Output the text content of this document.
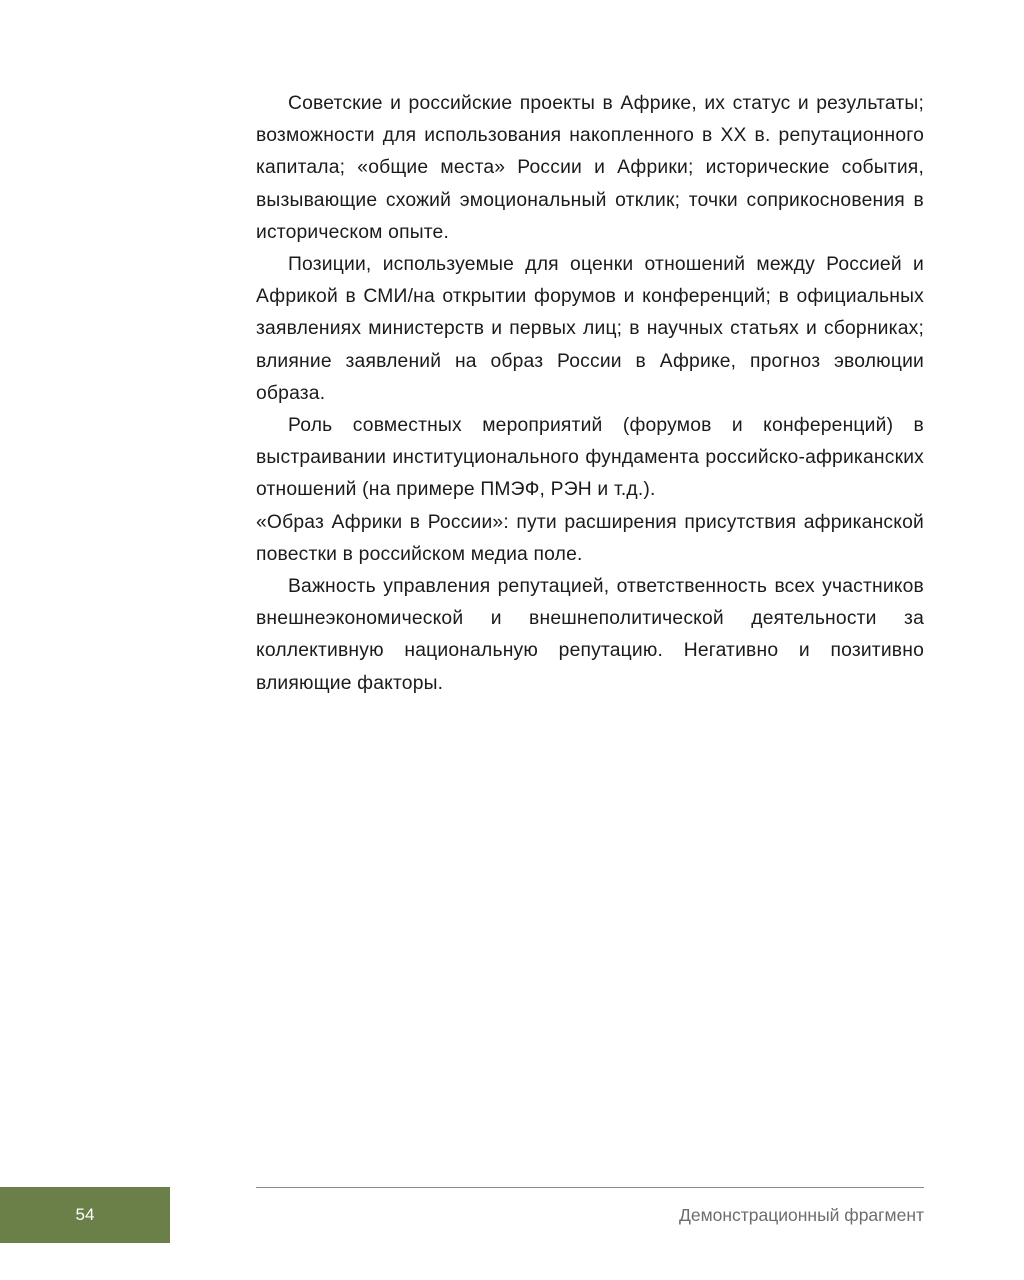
Советские и российские проекты в Африке, их статус и результаты; возможности для использования накопленного в XX в. репутационного капитала; «общие места» России и Африки; исторические события, вызывающие схожий эмоциональный отклик; точки соприкосновения в историческом опыте.

Позиции, используемые для оценки отношений между Россией и Африкой в СМИ/на открытии форумов и конференций; в официальных заявлениях министерств и первых лиц; в научных статьях и сборниках; влияние заявлений на образ России в Африке, прогноз эволюции образа.

Роль совместных мероприятий (форумов и конференций) в выстраивании институционального фундамента российско-африканских отношений (на примере ПМЭФ, РЭН и т.д.).

«Образ Африки в России»: пути расширения присутствия африканской повестки в российском медиа поле.

Важность управления репутацией, ответственность всех участников внешнеэкономической и внешнеполитической деятельности за коллективную национальную репутацию. Негативно и позитивно влияющие факторы.

54	Демонстрационный фрагмент
